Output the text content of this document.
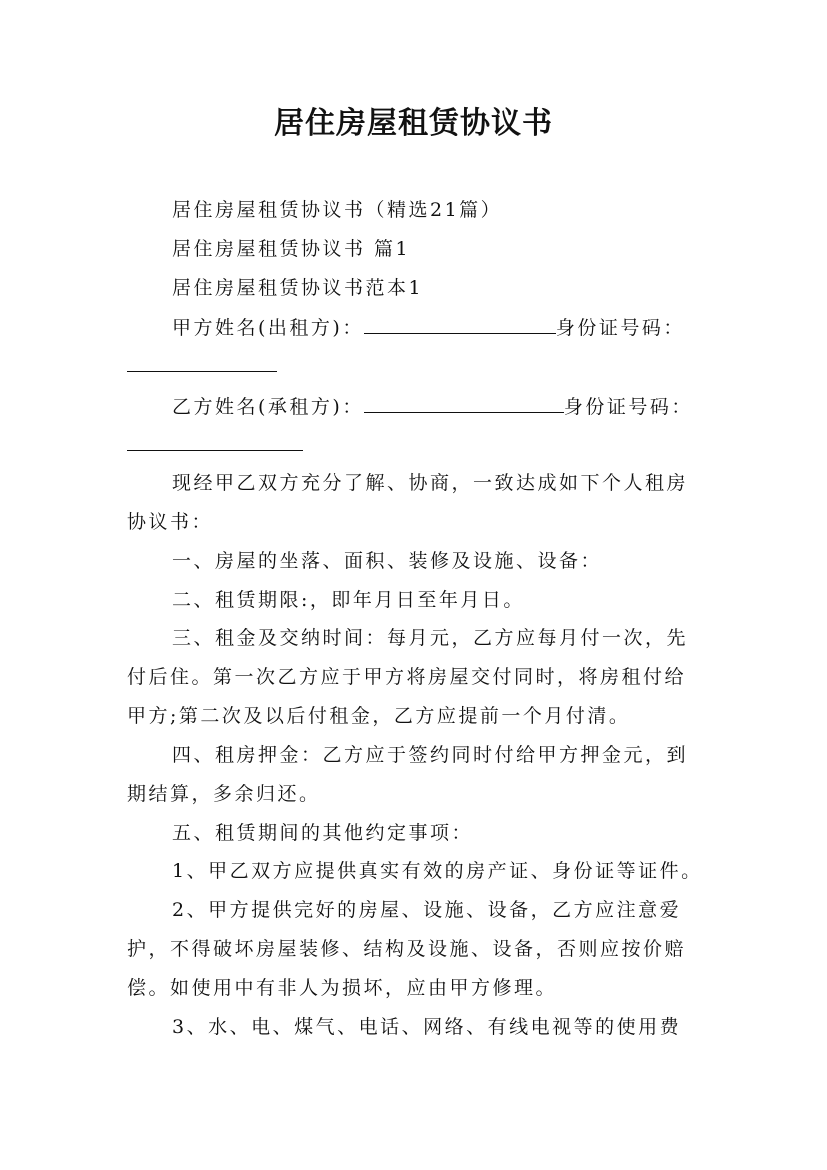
居住房屋租赁协议书
居住房屋租赁协议书（精选21篇）
居住房屋租赁协议书 篇1
居住房屋租赁协议书范本1
甲方姓名(出租方)：	身份证号码：
乙方姓名(承租方)：	身份证号码：
现经甲乙双方充分了解、协商，一致达成如下个人租房
协议书：
一、房屋的坐落、面积、装修及设施、设备：
二、租赁期限:，即年月日至年月日。
三、租金及交纳时间：每月元，乙方应每月付一次，先
付后住。第一次乙方应于甲方将房屋交付同时，将房租付给
甲方;第二次及以后付租金，乙方应提前一个月付清。
四、租房押金：乙方应于签约同时付给甲方押金元，到
期结算，多余归还。
五、租赁期间的其他约定事项：
1、甲乙双方应提供真实有效的房产证、身份证等证件。
2、甲方提供完好的房屋、设施、设备，乙方应注意爱
护，不得破坏房屋装修、结构及设施、设备，否则应按价赔
偿。如使用中有非人为损坏，应由甲方修理。
3、水、电、煤气、电话、网络、有线电视等的使用费
